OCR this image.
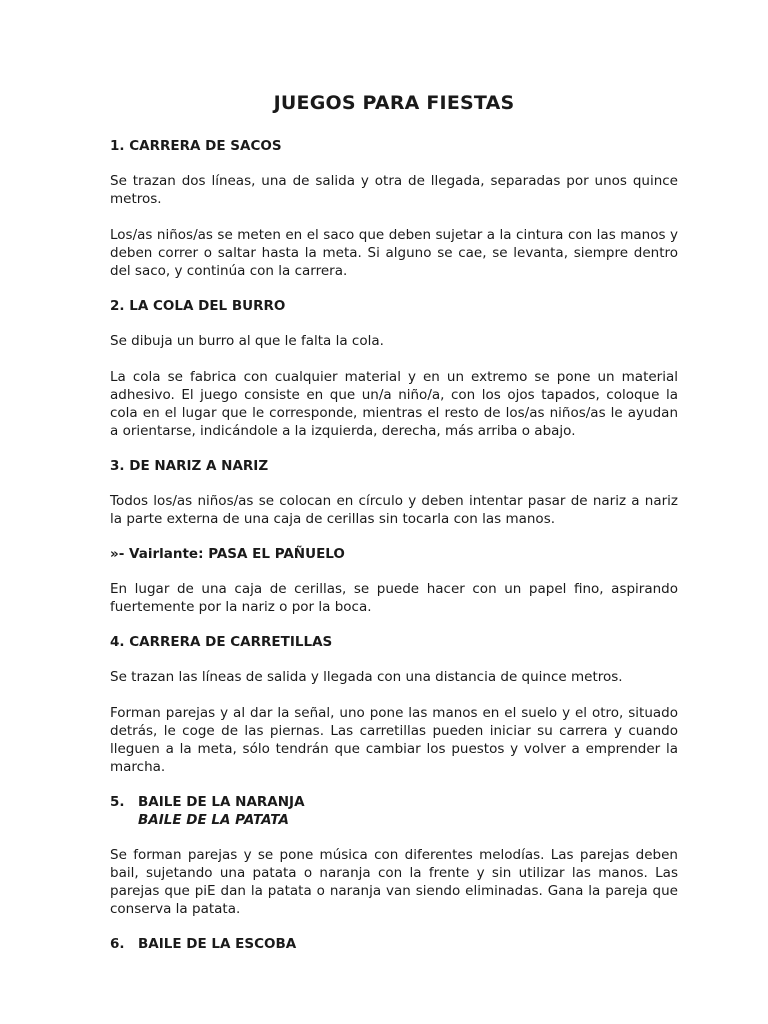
JUEGOS PARA FIESTAS
1. CARRERA DE SACOS

Se trazan dos líneas, una de salida y otra de llegada, separadas por unos quince metros.

Los/as niños/as se meten en el saco que deben sujetar a la cintura con las manos y deben correr o saltar hasta la meta. Si alguno se cae, se levanta, siempre dentro del saco, y continúa con la carrera.

2. LA COLA DEL BURRO

Se dibuja un burro al que le falta la cola.

La cola se fabrica con cualquier material y en un extremo se pone un material adhesivo. El juego consiste en que un/a niño/a, con los ojos tapados, coloque la cola en el lugar que le corresponde, mientras el resto de los/as niños/as le ayudan a orientarse, indicándole a la izquierda, derecha, más arriba o abajo.

3. DE NARIZ A NARIZ

Todos los/as niños/as se colocan en círculo y deben intentar pasar de nariz a nariz la parte externa de una caja de cerillas sin tocarla con las manos.

»- Vairlante: PASA EL PAÑUELO

En lugar de una caja de cerillas, se puede hacer con un papel fino, aspirando fuertemente por la nariz o por la boca.

4. CARRERA DE CARRETILLAS

Se trazan las líneas de salida y llegada con una distancia de quince metros.

Forman parejas y al dar la señal, uno pone las manos en el suelo y el otro, situado detrás, le coge de las piernas. Las carretillas pueden iniciar su carrera y cuando lleguen a la meta, sólo tendrán que cambiar los puestos y volver a emprender la marcha.

5. BAILE DE LA NARANJA
BAILE DE LA PATATA

Se forman parejas y se pone música con diferentes melodías. Las parejas deben bail, sujetando una patata o naranja con la frente y sin utilizar las manos. Las parejas que piE dan la patata o naranja van siendo eliminadas. Gana la pareja que conserva la patata.

6. BAILE DE LA ESCOBA
